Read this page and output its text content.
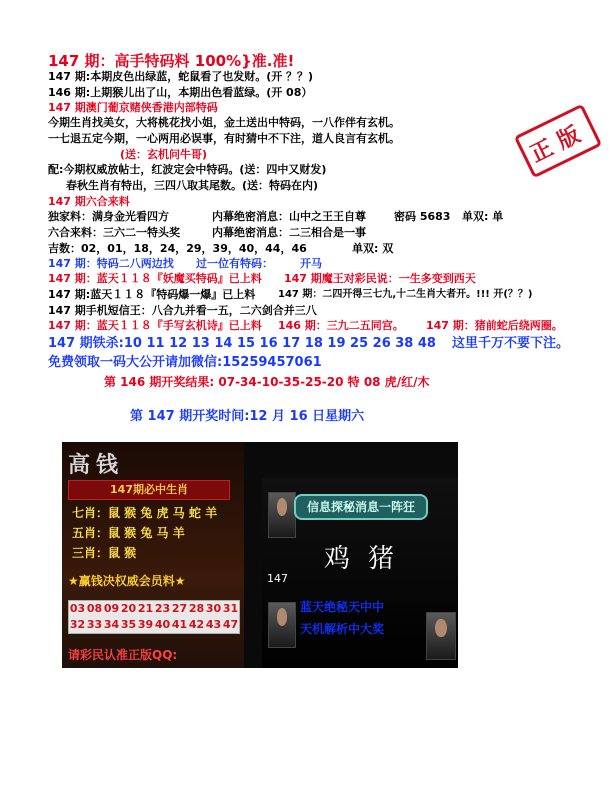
147 期：高手特码料 100%}准.准!
147 期:本期皮色出绿蓝，蛇鼠看了也发财。(开 ？？)
146 期:上期猴儿出了山，本期出色看蓝绿。(开 08）
147 期澳门葡京赌侠香港内部特码
今期生肖找美女，大将桃花找小姐，金土送出中特码，一八作伴有玄机。
一七退五定今期，一心两用必误事，有时猜中不下注，道人良言有玄机。
(送：玄机问牛哥)
配:今期权威放帖士，红波定会中特码。(送：四中又财发)
春秋生肖有特出，三四八取其尾数。(送：特码在内)
147 期六合来料
独家料：满身金光看四方	内幕绝密消息：山中之王王自尊	密码 5683 单双: 单
六合来料：三六二一特头奖	内幕绝密消息：二三相合是一事
吉数：02，01，18，24，29，39，40，44，46	单双: 双
147 期：特码二八两边找 过一位有特码： 开马
147 期：蓝天１１８『妖魔买特码』已上料 147 期魔王对彩民说：一生多变到西天
147 期:蓝天１１８『特码爆一爆』已上料 147 期：二四开得三七九,十二生肖大者开。!!! 开(？？)
147 期手机短信王：八合九并看一五，二六剑合并三八
147 期：蓝天１１８『手写玄机诗』已上料 146 期：三九二五同宫。 147 期：猪前蛇后绕两圈。
147 期铁杀:10 11 12 13 14 15 16 17 18 19 25 26 38 48 这里千万不要下注。
免费领取一码大公开请加微信:15259457061
第 146 期开奖结果: 07-34-10-35-25-20 特 08 虎/红/木
第 147 期开奖时间:12 月 16 日星期六
正版
高钱
147期必中生肖
七肖：鼠 猴 兔 虎 马 蛇 羊
五肖：鼠 猴 兔 马 羊
三肖：鼠 猴
★赢钱决权威会员料★
03 08 09 20 21 23 27 28 30 31
32 33 34 35 39 40 41 42 43 47
请彩民认准正版QQ:
信息探秘消息一阵狂
鸡猪
147
蓝天绝秘天中中
天机解析中大奖
